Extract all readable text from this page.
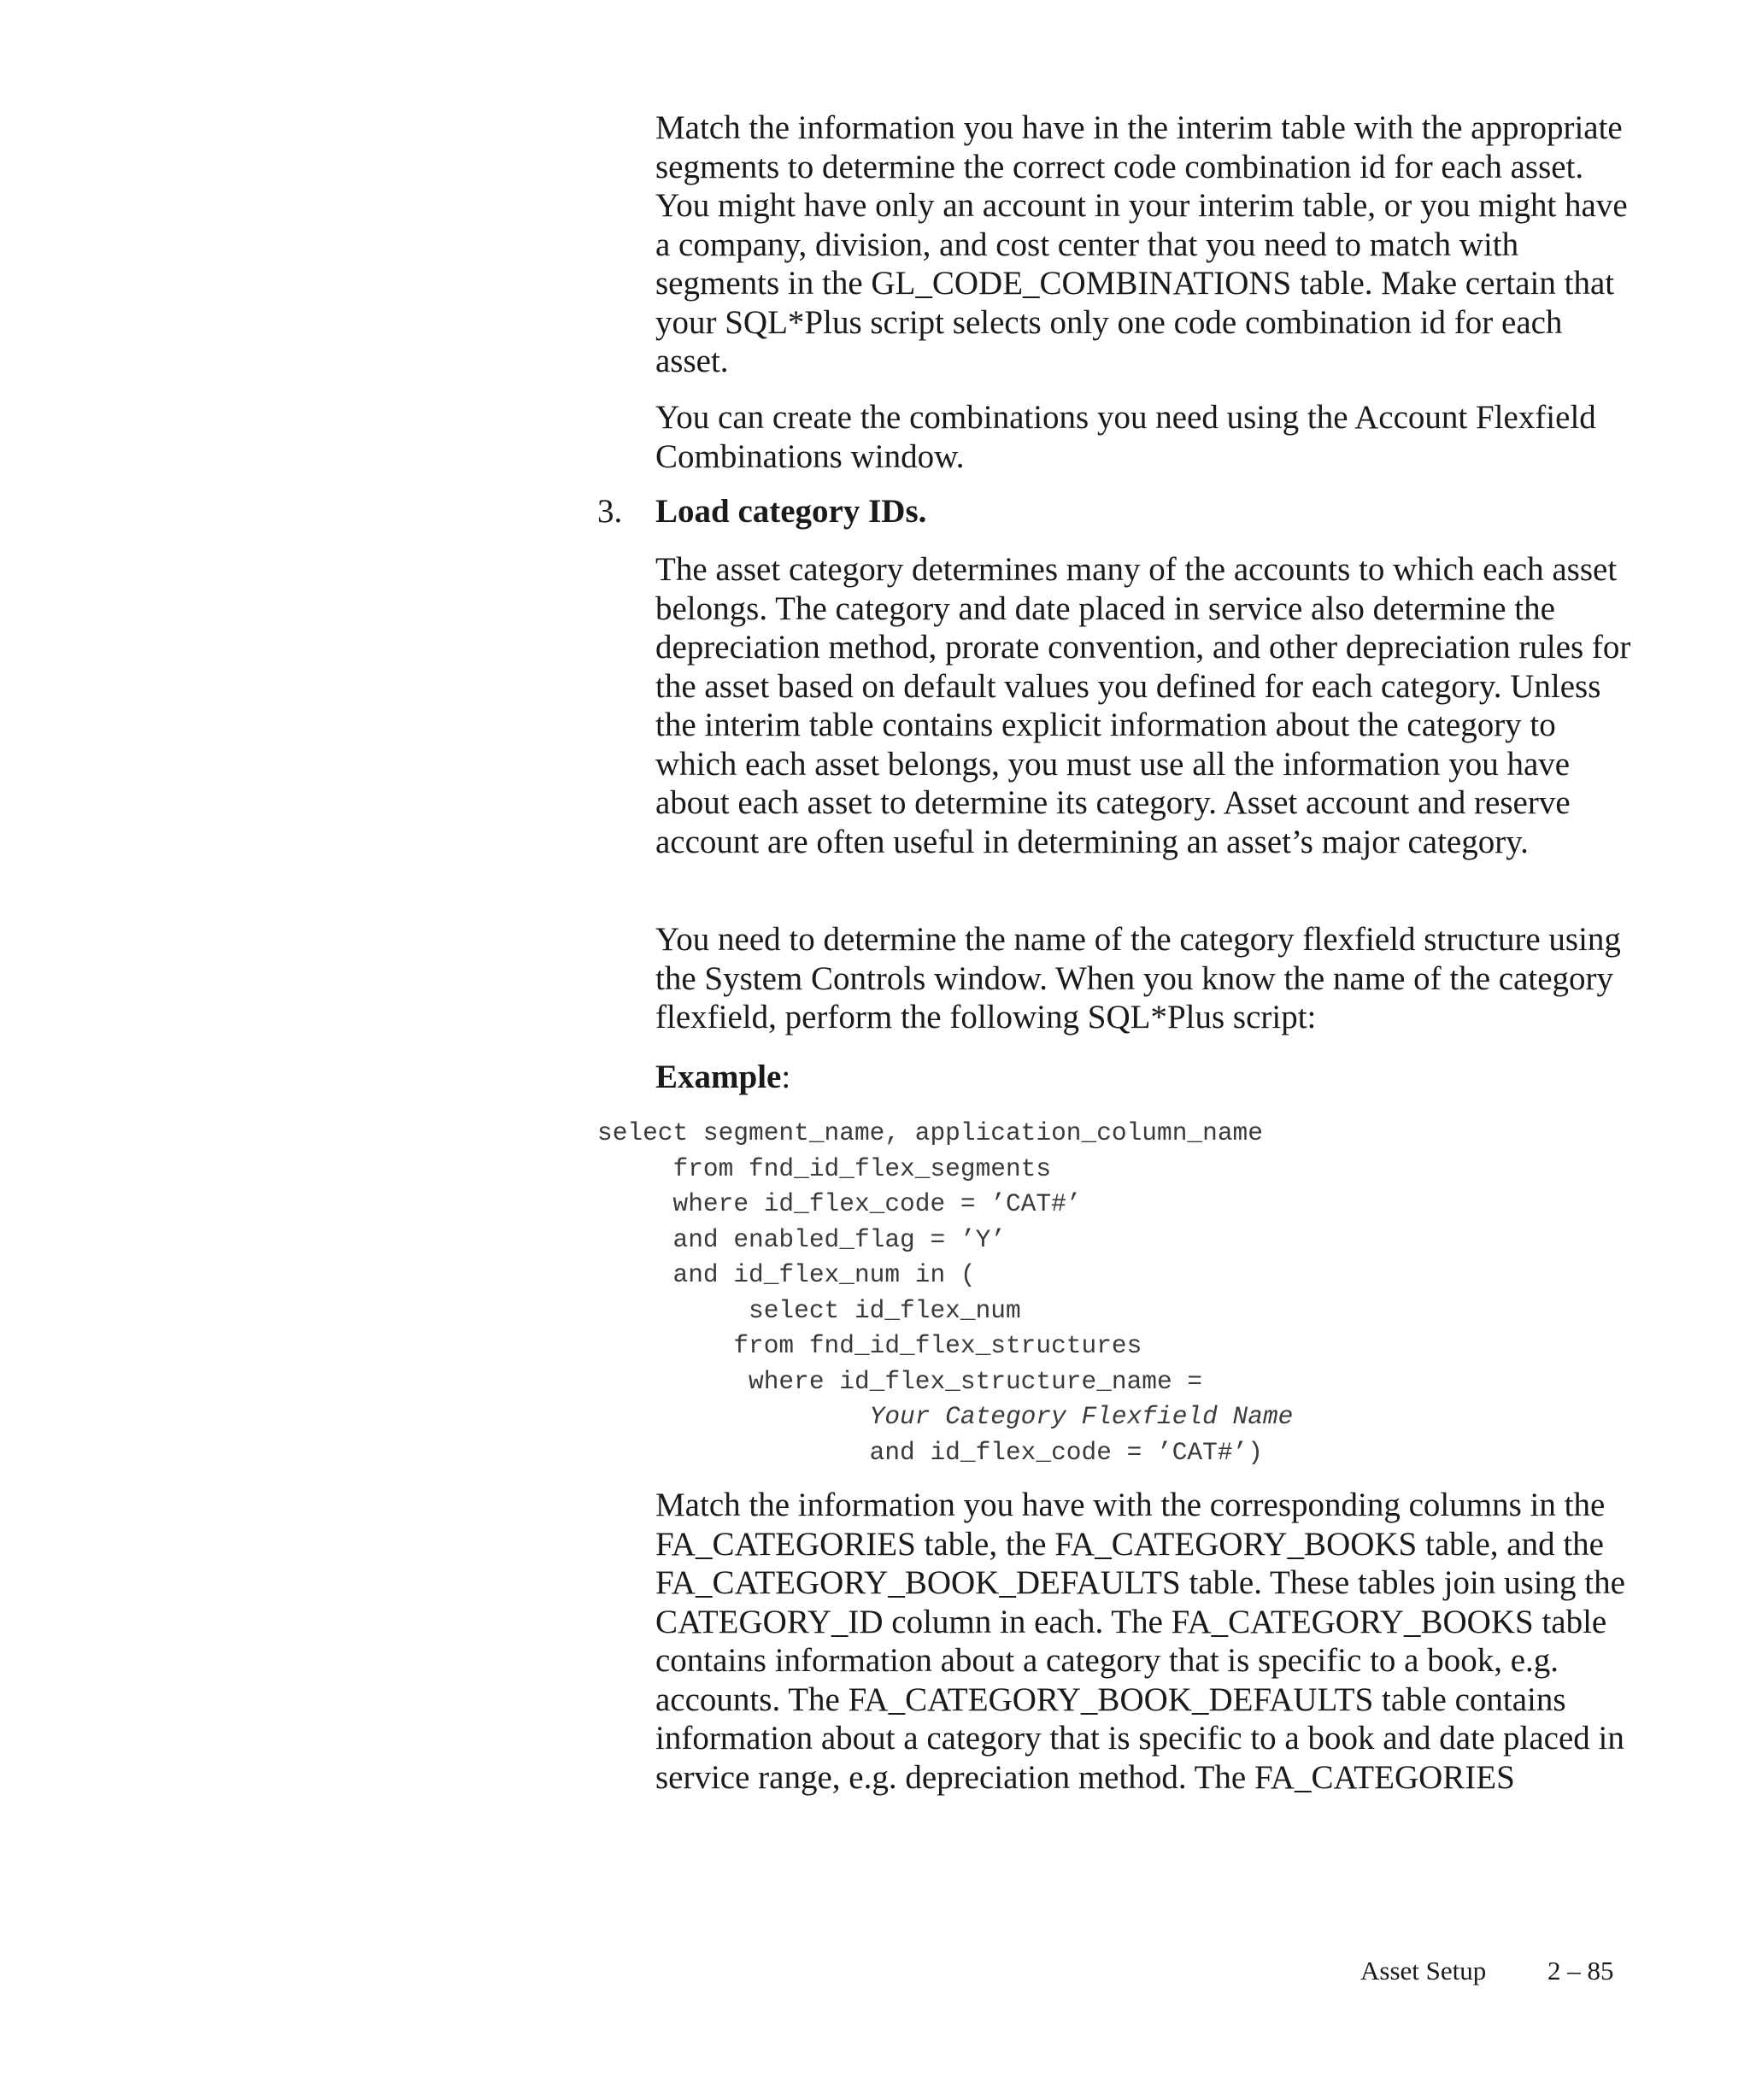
Match the information you have in the interim table with the appropriate segments to determine the correct code combination id for each asset. You might have only an account in your interim table, or you might have a company, division, and cost center that you need to match with segments in the GL_CODE_COMBINATIONS table. Make certain that your SQL*Plus script selects only one code combination id for each asset.

You can create the combinations you need using the Account Flexfield Combinations window.

3. Load category IDs.

The asset category determines many of the accounts to which each asset belongs. The category and date placed in service also determine the depreciation method, prorate convention, and other depreciation rules for the asset based on default values you defined for each category. Unless the interim table contains explicit information about the category to which each asset belongs, you must use all the information you have about each asset to determine its category. Asset account and reserve account are often useful in determining an asset’s major category.

You need to determine the name of the category flexfield structure using the System Controls window. When you know the name of the category flexfield, perform the following SQL*Plus script:

Example:

select segment_name, application_column_name
from fnd_id_flex_segments
where id_flex_code = ’CAT#’
and enabled_flag = ’Y’
and id_flex_num in (
select id_flex_num
from fnd_id_flex_structures
where id_flex_structure_name =
Your Category Flexfield Name
and id_flex_code = ’CAT#’)

Match the information you have with the corresponding columns in the FA_CATEGORIES table, the FA_CATEGORY_BOOKS table, and the FA_CATEGORY_BOOK_DEFAULTS table. These tables join using the CATEGORY_ID column in each. The FA_CATEGORY_BOOKS table contains information about a category that is specific to a book, e.g. accounts. The FA_CATEGORY_BOOK_DEFAULTS table contains information about a category that is specific to a book and date placed in service range, e.g. depreciation method. The FA_CATEGORIES

Asset Setup 2 – 85
